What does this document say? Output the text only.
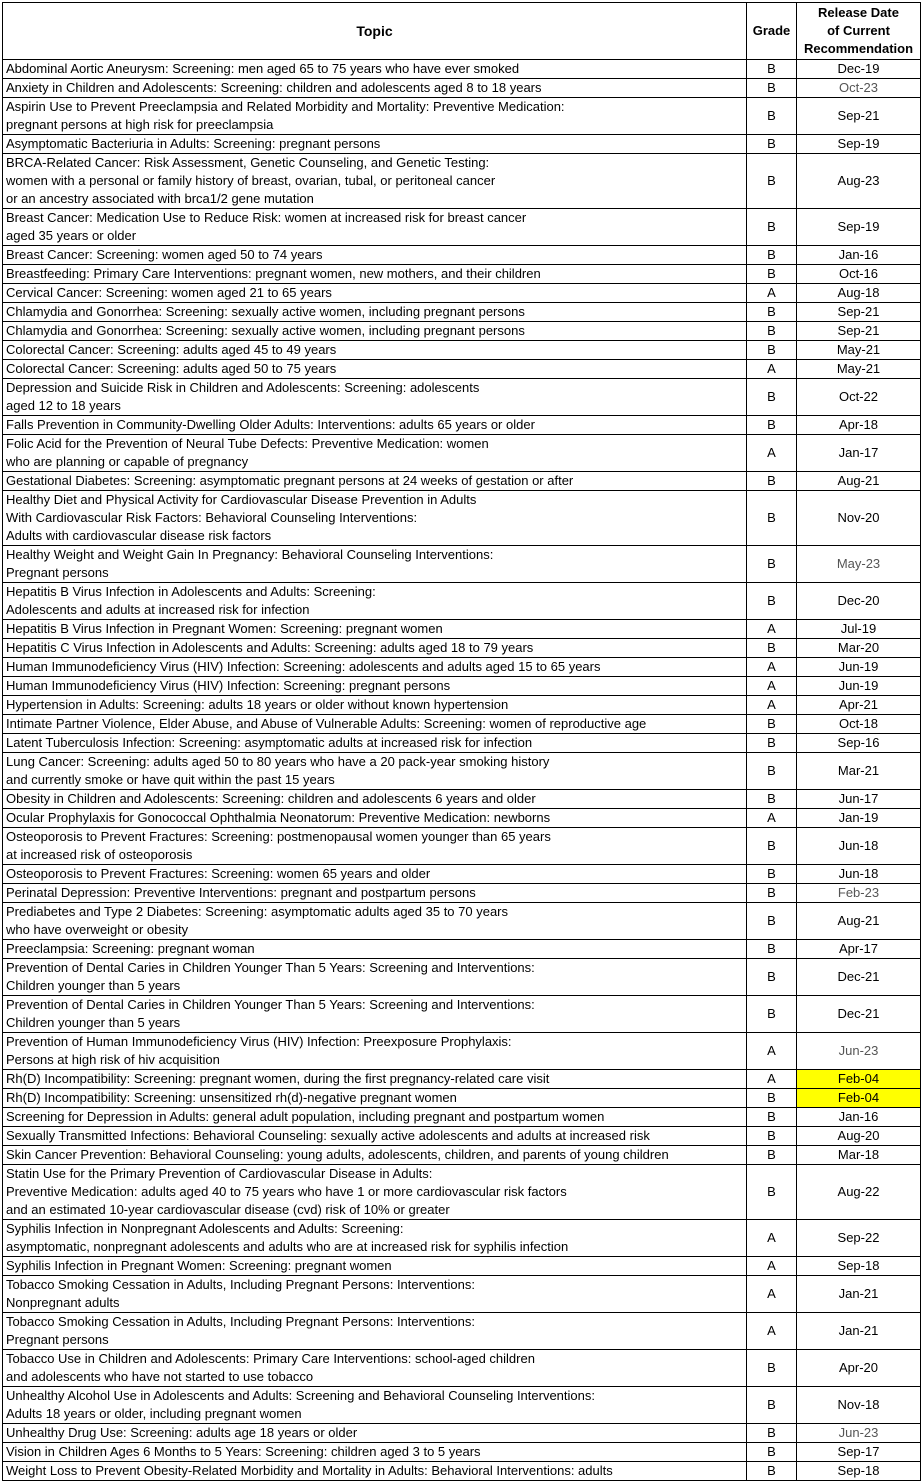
Topic	Grade	Release Date
of Current
Recommendation
Abdominal Aortic Aneurysm: Screening: men aged 65 to 75 years who have ever smoked	B	Dec-19
Anxiety in Children and Adolescents: Screening: children and adolescents aged 8 to 18 years	B	Oct-23
Aspirin Use to Prevent Preeclampsia and Related Morbidity and Mortality: Preventive Medication:
pregnant persons at high risk for preeclampsia	B	Sep-21
Asymptomatic Bacteriuria in Adults: Screening: pregnant persons	B	Sep-19
BRCA-Related Cancer: Risk Assessment, Genetic Counseling, and Genetic Testing:
women with a personal or family history of breast, ovarian, tubal, or peritoneal cancer
or an ancestry associated with brca1/2 gene mutation	B	Aug-23
Breast Cancer: Medication Use to Reduce Risk: women at increased risk for breast cancer
aged 35 years or older	B	Sep-19
Breast Cancer: Screening: women aged 50 to 74 years	B	Jan-16
Breastfeeding: Primary Care Interventions: pregnant women, new mothers, and their children	B	Oct-16
Cervical Cancer: Screening: women aged 21 to 65 years	A	Aug-18
Chlamydia and Gonorrhea: Screening: sexually active women, including pregnant persons	B	Sep-21
Chlamydia and Gonorrhea: Screening: sexually active women, including pregnant persons	B	Sep-21
Colorectal Cancer: Screening: adults aged 45 to 49 years	B	May-21
Colorectal Cancer: Screening: adults aged 50 to 75 years	A	May-21
Depression and Suicide Risk in Children and Adolescents: Screening: adolescents
aged 12 to 18 years	B	Oct-22
Falls Prevention in Community-Dwelling Older Adults: Interventions: adults 65 years or older	B	Apr-18
Folic Acid for the Prevention of Neural Tube Defects: Preventive Medication: women
who are planning or capable of pregnancy	A	Jan-17
Gestational Diabetes: Screening: asymptomatic pregnant persons at 24 weeks of gestation or after	B	Aug-21
Healthy Diet and Physical Activity for Cardiovascular Disease Prevention in Adults
With Cardiovascular Risk Factors: Behavioral Counseling Interventions:
Adults with cardiovascular disease risk factors	B	Nov-20
Healthy Weight and Weight Gain In Pregnancy: Behavioral Counseling Interventions:
Pregnant persons	B	May-23
Hepatitis B Virus Infection in Adolescents and Adults: Screening:
Adolescents and adults at increased risk for infection	B	Dec-20
Hepatitis B Virus Infection in Pregnant Women: Screening: pregnant women	A	Jul-19
Hepatitis C Virus Infection in Adolescents and Adults: Screening: adults aged 18 to 79 years	B	Mar-20
Human Immunodeficiency Virus (HIV) Infection: Screening: adolescents and adults aged 15 to 65 years	A	Jun-19
Human Immunodeficiency Virus (HIV) Infection: Screening: pregnant persons	A	Jun-19
Hypertension in Adults: Screening: adults 18 years or older without known hypertension	A	Apr-21
Intimate Partner Violence, Elder Abuse, and Abuse of Vulnerable Adults: Screening: women of reproductive age	B	Oct-18
Latent Tuberculosis Infection: Screening: asymptomatic adults at increased risk for infection	B	Sep-16
Lung Cancer: Screening: adults aged 50 to 80 years who have a 20 pack-year smoking history
and currently smoke or have quit within the past 15 years	B	Mar-21
Obesity in Children and Adolescents: Screening: children and adolescents 6 years and older	B	Jun-17
Ocular Prophylaxis for Gonococcal Ophthalmia Neonatorum: Preventive Medication: newborns	A	Jan-19
Osteoporosis to Prevent Fractures: Screening: postmenopausal women younger than 65 years
at increased risk of osteoporosis	B	Jun-18
Osteoporosis to Prevent Fractures: Screening: women 65 years and older	B	Jun-18
Perinatal Depression: Preventive Interventions: pregnant and postpartum persons	B	Feb-23
Prediabetes and Type 2 Diabetes: Screening: asymptomatic adults aged 35 to 70 years
who have overweight or obesity	B	Aug-21
Preeclampsia: Screening: pregnant woman	B	Apr-17
Prevention of Dental Caries in Children Younger Than 5 Years: Screening and Interventions:
Children younger than 5 years	B	Dec-21
Prevention of Dental Caries in Children Younger Than 5 Years: Screening and Interventions:
Children younger than 5 years	B	Dec-21
Prevention of Human Immunodeficiency Virus (HIV) Infection: Preexposure Prophylaxis:
Persons at high risk of hiv acquisition	A	Jun-23
Rh(D) Incompatibility: Screening: pregnant women, during the first pregnancy-related care visit	A	Feb-04
Rh(D) Incompatibility: Screening: unsensitized rh(d)-negative pregnant women	B	Feb-04
Screening for Depression in Adults: general adult population, including pregnant and postpartum women	B	Jan-16
Sexually Transmitted Infections: Behavioral Counseling: sexually active adolescents and adults at increased risk	B	Aug-20
Skin Cancer Prevention: Behavioral Counseling: young adults, adolescents, children, and parents of young children	B	Mar-18
Statin Use for the Primary Prevention of Cardiovascular Disease in Adults:
Preventive Medication: adults aged 40 to 75 years who have 1 or more cardiovascular risk factors
and an estimated 10-year cardiovascular disease (cvd) risk of 10% or greater	B	Aug-22
Syphilis Infection in Nonpregnant Adolescents and Adults: Screening:
asymptomatic, nonpregnant adolescents and adults who are at increased risk for syphilis infection	A	Sep-22
Syphilis Infection in Pregnant Women: Screening: pregnant women	A	Sep-18
Tobacco Smoking Cessation in Adults, Including Pregnant Persons: Interventions:
Nonpregnant adults	A	Jan-21
Tobacco Smoking Cessation in Adults, Including Pregnant Persons: Interventions:
Pregnant persons	A	Jan-21
Tobacco Use in Children and Adolescents: Primary Care Interventions: school-aged children
and adolescents who have not started to use tobacco	B	Apr-20
Unhealthy Alcohol Use in Adolescents and Adults: Screening and Behavioral Counseling Interventions:
Adults 18 years or older, including pregnant women	B	Nov-18
Unhealthy Drug Use: Screening: adults age 18 years or older	B	Jun-23
Vision in Children Ages 6 Months to 5 Years: Screening: children aged 3 to 5 years	B	Sep-17
Weight Loss to Prevent Obesity-Related Morbidity and Mortality in Adults: Behavioral Interventions: adults	B	Sep-18
